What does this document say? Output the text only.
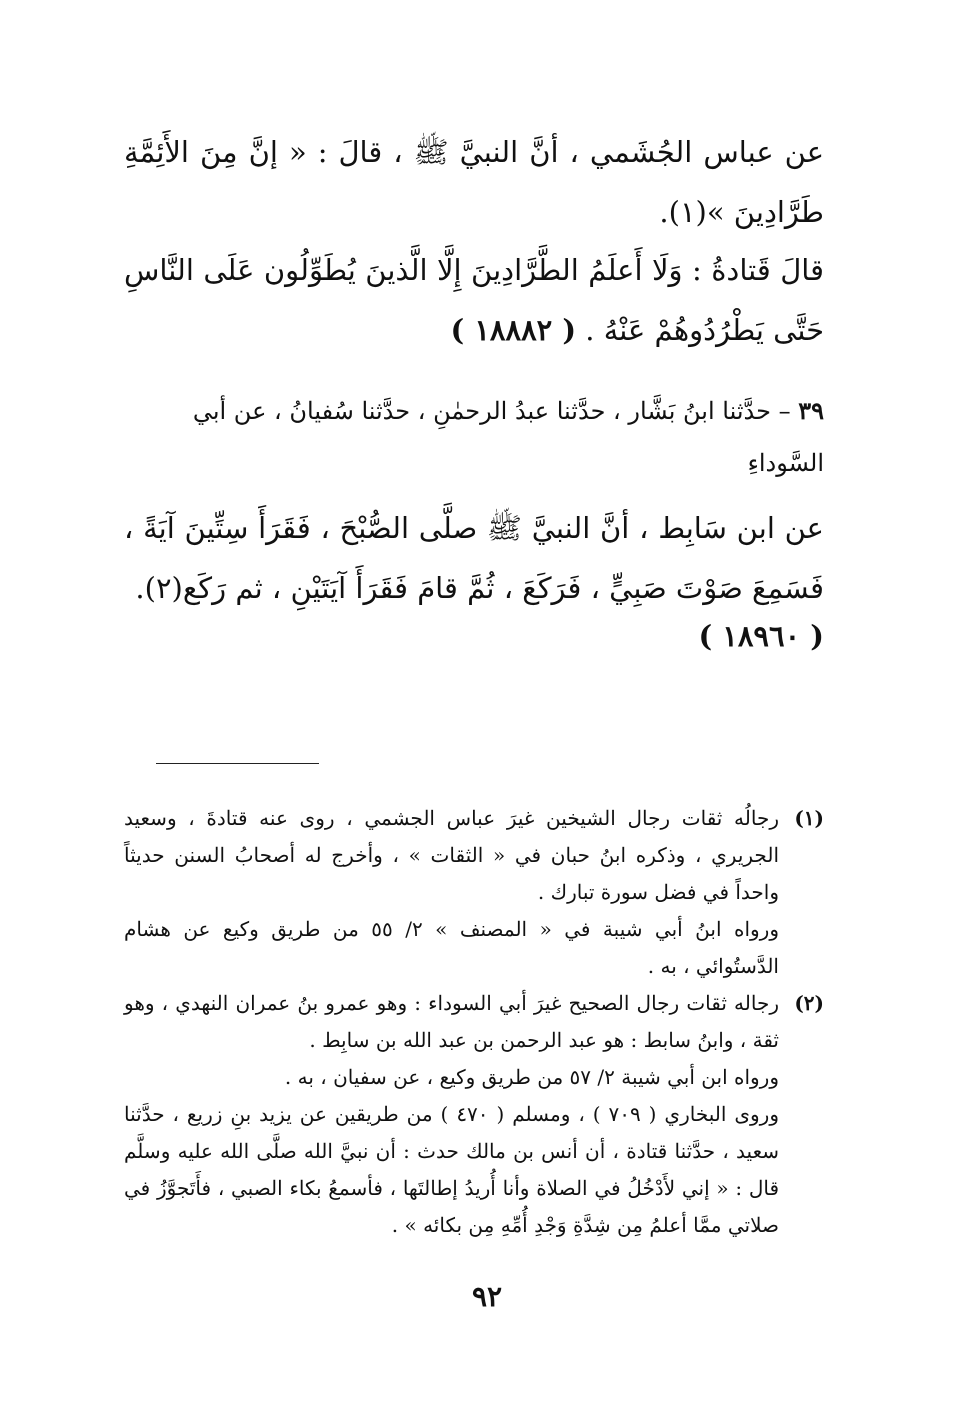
عن عباس الجُشَمي ، أنَّ النبيَّ ﷺ ، قالَ : « إنَّ مِنَ الأَئِمَّةِ طَرَّادِينَ »(١).
قالَ قَتادةُ : وَلَا أَعلَمُ الطَّرَّادِينَ إِلَّا الَّذينَ يُطَوِّلُون عَلَى النَّاسِ حَتَّى يَطْرُدُوهُمْ عَنْهُ . ( ١٨٨٨٢ )
٣٩ – حدَّثنا ابنُ بَشَّار ، حدَّثنا عبدُ الرحمٰنِ ، حدَّثنا سُفيانُ ، عن أبي السَّوداءِ
عن ابن سَابِط ، أنَّ النبيَّ ﷺ صلَّى الصُّبْحَ ، فَقَرَأَ سِتِّينَ آيَةً ، فَسَمِعَ صَوْتَ صَبِيٍّ ، فَرَكَعَ ، ثُمَّ قامَ فَقَرَأَ آيَتَيْنِ ، ثم رَكَع(٢).
( ١٨٩٦٠ )
(١)
رجالُه ثقات رجال الشيخين غيرَ عباس الجشمي ، روى عنه قتادةَ ، وسعيد الجريري ، وذكره ابنُ حبان في « الثقات » ، وأخرج له أصحابُ السنن حديثاً واحداً في فضل سورة تبارك .
ورواه ابنُ أبي شيبة في « المصنف » ٢/ ٥٥ من طريق وكيع عن هشام الدَّستُوائي ، به .
(٢)
رجاله ثقات رجال الصحيح غيرَ أبي السوداء : وهو عمرو بنُ عمران النهدي ، وهو ثقة ، وابنُ سابط : هو عبد الرحمن بن عبد الله بن سابِط .
ورواه ابن أبي شيبة ٢/ ٥٧ من طريق وكيع ، عن سفيان ، به .
وروى البخاري ( ٧٠٩ ) ، ومسلم ( ٤٧٠ ) من طريقين عن يزيد بنِ زريع ، حدَّثنا سعيد ، حدَّثنا قتادة ، أن أنس بن مالك حدث : أن نبيَّ الله صلَّى الله عليه وسلَّم قال : « إني لأَدْخُلُ في الصلاة وأنا أُريدُ إطالتَها ، فأسمعُ بكاء الصبي ، فأَتَجوَّزُ في صلاتي ممَّا أعلمُ مِن شِدَّةِ وَجْدِ أُمِّهِ مِن بكائه » .
٩٢
